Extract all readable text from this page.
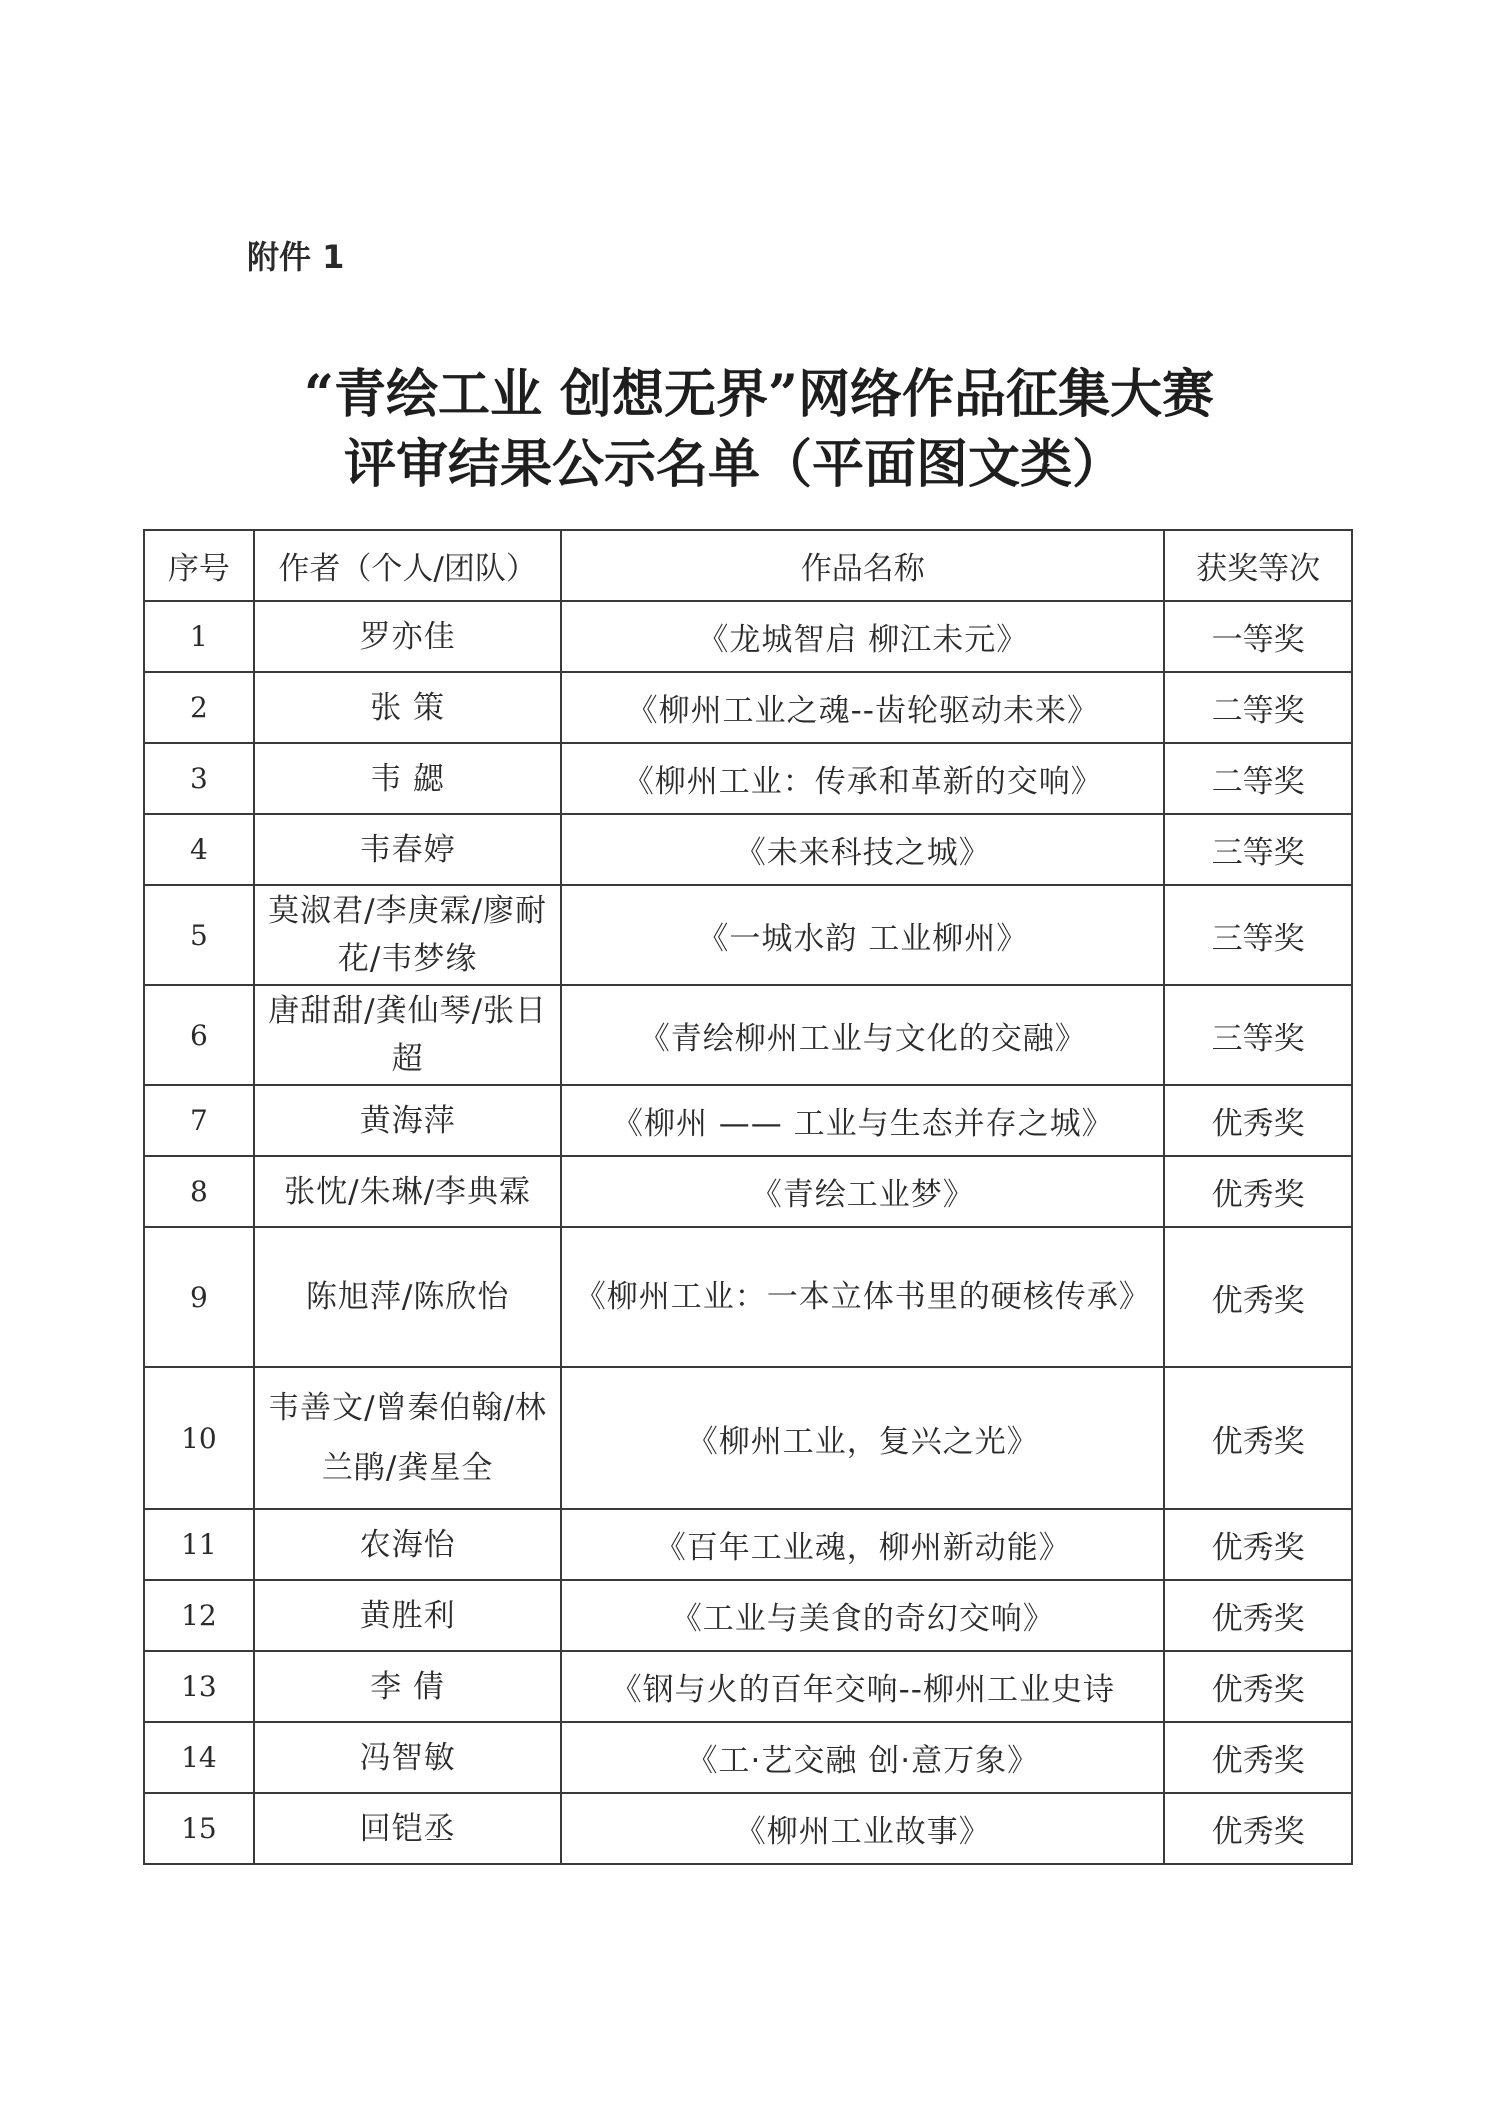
附件 1
“青绘工业 创想无界”网络作品征集大赛
评审结果公示名单（平面图文类）
序号	作者（个人/团队）	作品名称	获奖等次
1	罗亦佳	《龙城智启 柳江未元》	一等奖
2	张 策	《柳州工业之魂--齿轮驱动未来》	二等奖
3	韦 勰	《柳州工业：传承和革新的交响》	二等奖
4	韦春婷	《未来科技之城》	三等奖
5	莫淑君/李庚霖/廖耐花/韦梦缘	《一城水韵 工业柳州》	三等奖
6	唐甜甜/龚仙琴/张日超	《青绘柳州工业与文化的交融》	三等奖
7	黄海萍	《柳州 —— 工业与生态并存之城》	优秀奖
8	张忱/朱琳/李典霖	《青绘工业梦》	优秀奖
9	陈旭萍/陈欣怡	《柳州工业：一本立体书里的硬核传承》	优秀奖
10	韦善文/曾秦伯翰/林兰鹃/龚星全	《柳州工业，复兴之光》	优秀奖
11	农海怡	《百年工业魂，柳州新动能》	优秀奖
12	黄胜利	《工业与美食的奇幻交响》	优秀奖
13	李 倩	《钢与火的百年交响--柳州工业史诗	优秀奖
14	冯智敏	《工·艺交融 创·意万象》	优秀奖
15	回铠丞	《柳州工业故事》	优秀奖
